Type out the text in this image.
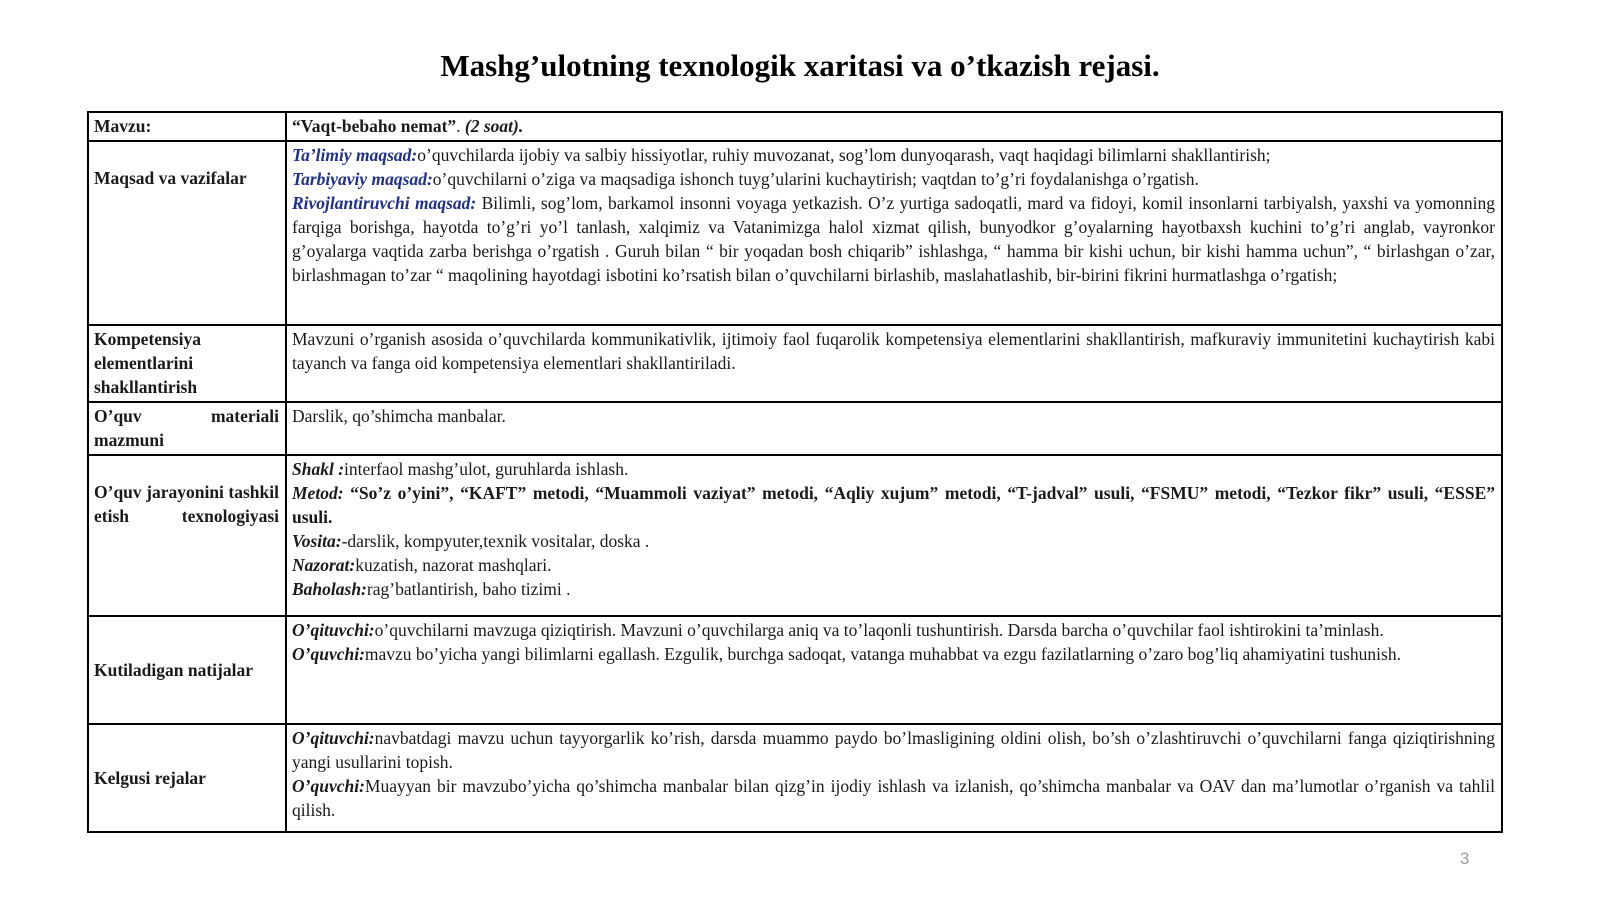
Mashg’ulotning texnologik xaritasi va o’tkazish rejasi.
Mavzu:	“Vaqt-bebaho nemat”. (2 soat).
Maqsad va vazifalar	Ta’limiy maqsad:o’quvchilarda ijobiy va salbiy hissiyotlar, ruhiy muvozanat, sog’lom dunyoqarash, vaqt haqidagi bilimlarni shakllantirish;
Tarbiyaviy maqsad:o’quvchilarni o’ziga va maqsadiga ishonch tuyg’ularini kuchaytirish; vaqtdan to’g’ri foydalanishga o’rgatish.
Rivojlantiruvchi maqsad: Bilimli, sog’lom, barkamol insonni voyaga yetkazish. O’z yurtiga sadoqatli, mard va fidoyi, komil insonlarni tarbiyalsh, yaxshi va yomonning farqiga borishga, hayotda to’g’ri yo’l tanlash, xalqimiz va Vatanimizga halol xizmat qilish, bunyodkor g’oyalarning hayotbaxsh kuchini to’g’ri anglab, vayronkor g’oyalarga vaqtida zarba berishga o’rgatish . Guruh bilan “ bir yoqadan bosh chiqarib” ishlashga, “ hamma bir kishi uchun, bir kishi hamma uchun”, “ birlashgan o’zar, birlashmagan to’zar “ maqolining hayotdagi isbotini ko’rsatish bilan o’quvchilarni birlashib, maslahatlashib, bir-birini fikrini hurmatlashga o’rgatish;

Kompetensiya elementlarini shakllantirish	Mavzuni o’rganish asosida o’quvchilarda kommunikativlik, ijtimoiy faol fuqarolik kompetensiya elementlarini shakllantirish, mafkuraviy immunitetini kuchaytirish kabi tayanch va fanga oid kompetensiya elementlari shakllantiriladi.
O’quv materiali mazmuni	Darslik, qo’shimcha manbalar.
O’quv jarayonini tashkil etish texnologiyasi	Shakl :interfaol mashg’ulot, guruhlarda ishlash.
Metod: “So’z o’yini”, “KAFT” metodi, “Muammoli vaziyat” metodi, “Aqliy xujum” metodi, “T-jadval” usuli, “FSMU” metodi, “Tezkor fikr” usuli, “ESSE” usuli.
Vosita:-darslik, kompyuter,texnik vositalar, doska .
Nazorat:kuzatish, nazorat mashqlari.
Baholash:rag’batlantirish, baho tizimi .

Kutiladigan natijalar	O’qituvchi:o’quvchilarni mavzuga qiziqtirish. Mavzuni o’quvchilarga aniq va to’laqonli tushuntirish. Darsda barcha o’quvchilar faol ishtirokini ta’minlash.
O’quvchi:mavzu bo’yicha yangi bilimlarni egallash. Ezgulik, burchga sadoqat, vatanga muhabbat va ezgu fazilatlarning o’zaro bog’liq ahamiyatini tushunish.

Kelgusi rejalar	O’qituvchi:navbatdagi mavzu uchun tayyorgarlik ko’rish, darsda muammo paydo bo’lmasligining oldini olish, bo’sh o’zlashtiruvchi o’quvchilarni fanga qiziqtirishning yangi usullarini topish.
O’quvchi:Muayyan bir mavzubo’yicha qo’shimcha manbalar bilan qizg’in ijodiy ishlash va izlanish, qo’shimcha manbalar va OAV dan ma’lumotlar o’rganish va tahlil qilish.
3
